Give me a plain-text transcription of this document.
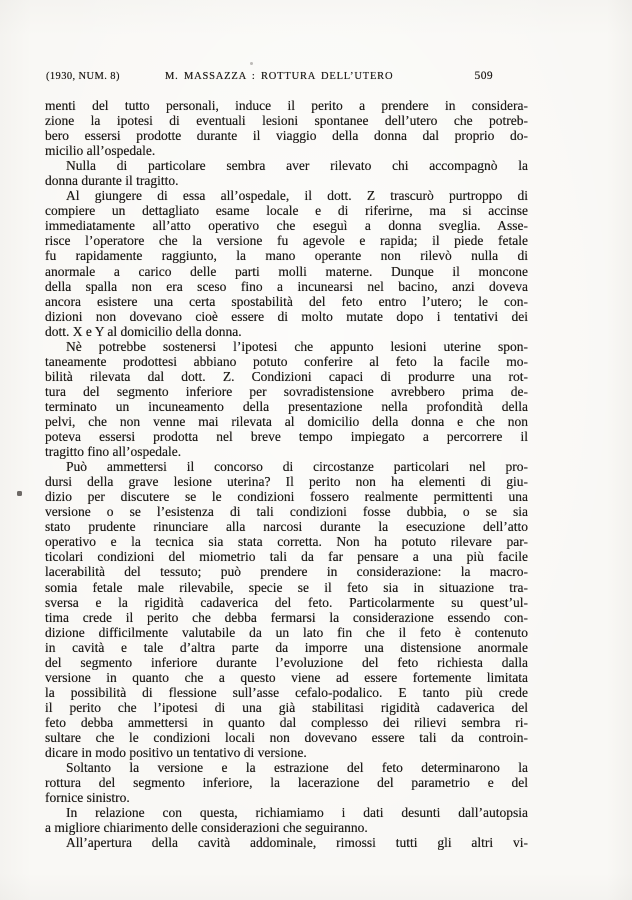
(1930, NUM. 8)	M. MASSAZZA : ROTTURA DELL’UTERO	509
menti del tutto personali, induce il perito a prendere in considera-
zione la ipotesi di eventuali lesioni spontanee dell’utero che potreb-
bero essersi prodotte durante il viaggio della donna dal proprio do-
micilio all’ospedale.
Nulla di particolare sembra aver rilevato chi accompagnò la
donna durante il tragitto.
Al giungere di essa all’ospedale, il dott. Z trascurò purtroppo di
compiere un dettagliato esame locale e di riferirne, ma si accinse
immediatamente all’atto operativo che eseguì a donna sveglia. Asse-
risce l’operatore che la versione fu agevole e rapida; il piede fetale
fu rapidamente raggiunto, la mano operante non rilevò nulla di
anormale a carico delle parti molli materne. Dunque il moncone
della spalla non era sceso fino a incunearsi nel bacino, anzi doveva
ancora esistere una certa spostabilità del feto entro l’utero; le con-
dizioni non dovevano cioè essere di molto mutate dopo i tentativi dei
dott. X e Y al domicilio della donna.
Nè potrebbe sostenersi l’ipotesi che appunto lesioni uterine spon-
taneamente prodottesi abbiano potuto conferire al feto la facile mo-
bilità rilevata dal dott. Z. Condizioni capaci di produrre una rot-
tura del segmento inferiore per sovradistensione avrebbero prima de-
terminato un incuneamento della presentazione nella profondità della
pelvi, che non venne mai rilevata al domicilio della donna e che non
poteva essersi prodotta nel breve tempo impiegato a percorrere il
tragitto fino all’ospedale.
Può ammettersi il concorso di circostanze particolari nel pro-
dursi della grave lesione uterina? Il perito non ha elementi di giu-
dizio per discutere se le condizioni fossero realmente permittenti una
versione o se l’esistenza di tali condizioni fosse dubbia, o se sia
stato prudente rinunciare alla narcosi durante la esecuzione dell’atto
operativo e la tecnica sia stata corretta. Non ha potuto rilevare par-
ticolari condizioni del miometrio tali da far pensare a una più facile
lacerabilità del tessuto; può prendere in considerazione: la macro-
somia fetale male rilevabile, specie se il feto sia in situazione tra-
sversa e la rigidità cadaverica del feto. Particolarmente su quest’ul-
tima crede il perito che debba fermarsi la considerazione essendo con-
dizione difficilmente valutabile da un lato fin che il feto è contenuto
in cavità e tale d’altra parte da imporre una distensione anormale
del segmento inferiore durante l’evoluzione del feto richiesta dalla
versione in quanto che a questo viene ad essere fortemente limitata
la possibilità di flessione sull’asse cefalo-podalico. E tanto più crede
il perito che l’ipotesi di una già stabilitasi rigidità cadaverica del
feto debba ammettersi in quanto dal complesso dei rilievi sembra ri-
sultare che le condizioni locali non dovevano essere tali da controin-
dicare in modo positivo un tentativo di versione.
Soltanto la versione e la estrazione del feto determinarono la
rottura del segmento inferiore, la lacerazione del parametrio e del
fornice sinistro.
In relazione con questa, richiamiamo i dati desunti dall’autopsia
a migliore chiarimento delle considerazioni che seguiranno.
All’apertura della cavità addominale, rimossi tutti gli altri vi-
